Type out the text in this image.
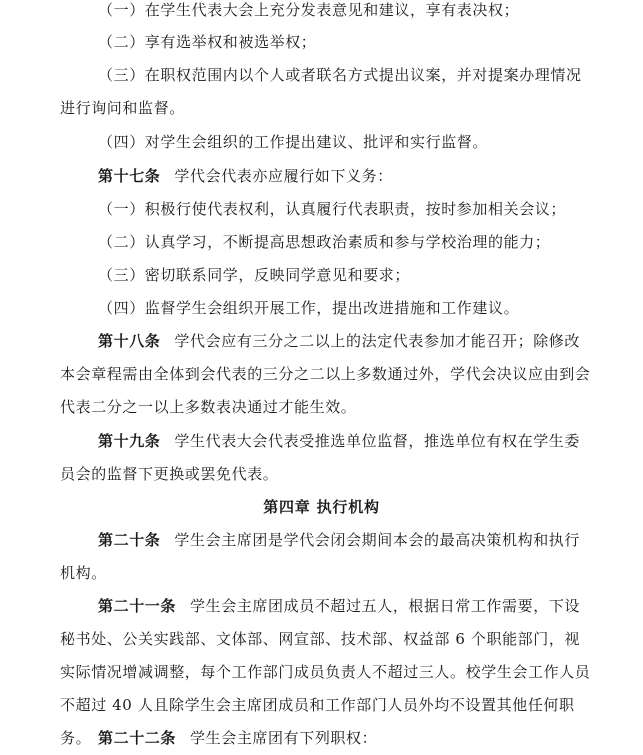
（一）在学生代表大会上充分发表意见和建议，享有表决权；

（二）享有选举权和被选举权；

（三）在职权范围内以个人或者联名方式提出议案，并对提案办理情况进行询问和监督。

（四）对学生会组织的工作提出建议、批评和实行监督。

第十七条 学代会代表亦应履行如下义务：

（一）积极行使代表权利，认真履行代表职责，按时参加相关会议；

（二）认真学习，不断提高思想政治素质和参与学校治理的能力；

（三）密切联系同学，反映同学意见和要求；

（四）监督学生会组织开展工作，提出改进措施和工作建议。

第十八条 学代会应有三分之二以上的法定代表参加才能召开；除修改本会章程需由全体到会代表的三分之二以上多数通过外，学代会决议应由到会代表二分之一以上多数表决通过才能生效。

第十九条 学生代表大会代表受推选单位监督，推选单位有权在学生委员会的监督下更换或罢免代表。

第四章 执行机构

第二十条 学生会主席团是学代会闭会期间本会的最高决策机构和执行机构。

第二十一条 学生会主席团成员不超过五人，根据日常工作需要，下设秘书处、公关实践部、文体部、网宣部、技术部、权益部 6 个职能部门，视实际情况增减调整，每个工作部门成员负责人不超过三人。校学生会工作人员不超过 40 人且除学生会主席团成员和工作部门人员外均不设置其他任何职务。 第二十二条 学生会主席团有下列职权：
